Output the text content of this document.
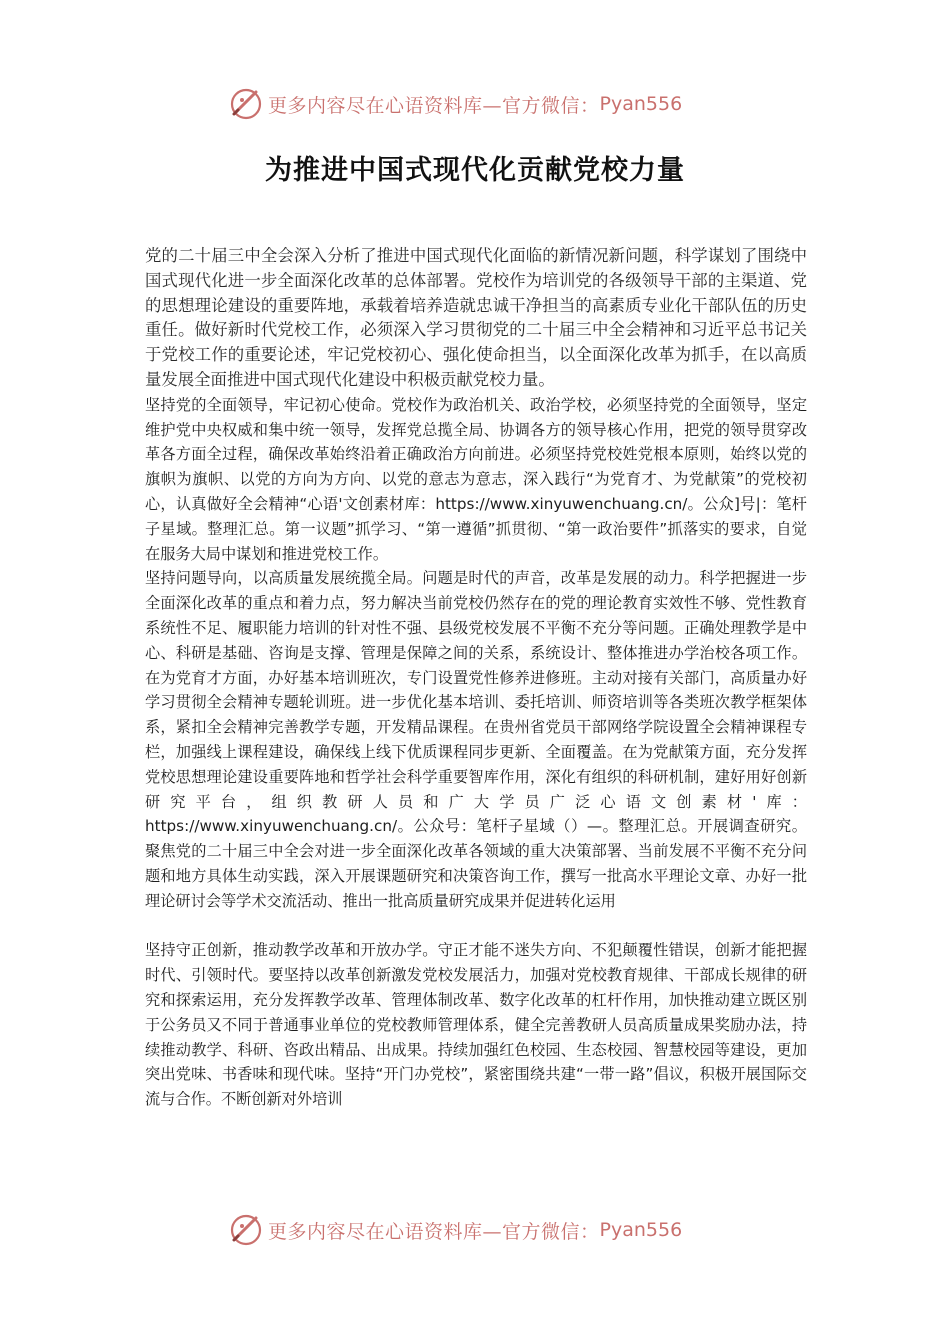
更多内容尽在心语资料库—官方微信： Pyan556
为推进中国式现代化贡献党校力量

党的二十届三中全会深入分析了推进中国式现代化面临的新情况新问题，科学谋划了围绕中国式现代化进一步全面深化改革的总体部署。党校作为培训党的各级领导干部的主渠道、党的思想理论建设的重要阵地，承载着培养造就忠诚干净担当的高素质专业化干部队伍的历史重任。做好新时代党校工作，必须深入学习贯彻党的二十届三中全会精神和习近平总书记关于党校工作的重要论述，牢记党校初心、强化使命担当，以全面深化改革为抓手，在以高质量发展全面推进中国式现代化建设中积极贡献党校力量。

坚持党的全面领导，牢记初心使命。党校作为政治机关、政治学校，必须坚持党的全面领导，坚定维护党中央权威和集中统一领导，发挥党总揽全局、协调各方的领导核心作用，把党的领导贯穿改革各方面全过程，确保改革始终沿着正确政治方向前进。必须坚持党校姓党根本原则，始终以党的旗帜为旗帜、以党的方向为方向、以党的意志为意志，深入践行“为党育才、为党献策”的党校初心，认真做好全会精神“心语'文创素材库：https://www.xinyuwenchuang.cn/。公众]号|：笔杆子星域。整理汇总。第一议题”抓学习、“第一遵循”抓贯彻、“第一政治要件”抓落实的要求，自觉在服务大局中谋划和推进党校工作。

坚持问题导向，以高质量发展统揽全局。问题是时代的声音，改革是发展的动力。科学把握进一步全面深化改革的重点和着力点，努力解决当前党校仍然存在的党的理论教育实效性不够、党性教育系统性不足、履职能力培训的针对性不强、县级党校发展不平衡不充分等问题。正确处理教学是中心、科研是基础、咨询是支撑、管理是保障之间的关系，系统设计、整体推进办学治校各项工作。在为党育才方面，办好基本培训班次，专门设置党性修养进修班。主动对接有关部门，高质量办好学习贯彻全会精神专题轮训班。进一步优化基本培训、委托培训、师资培训等各类班次教学框架体系，紧扣全会精神完善教学专题，开发精品课程。在贵州省党员干部网络学院设置全会精神课程专栏，加强线上课程建设，确保线上线下优质课程同步更新、全面覆盖。在为党献策方面，充分发挥党校思想理论建设重要阵地和哲学社会科学重要智库作用，深化有组织的科研机制，建好用好创新研究平台，组织教研人员和广大学员广泛心语文创素材'库：https://www.xinyuwenchuang.cn/。公众号：笔杆子星域（）—。整理汇总。开展调查研究。聚焦党的二十届三中全会对进一步全面深化改革各领域的重大决策部署、当前发展不平衡不充分问题和地方具体生动实践，深入开展课题研究和决策咨询工作，撰写一批高水平理论文章、办好一批理论研讨会等学术交流活动、推出一批高质量研究成果并促进转化运用

坚持守正创新，推动教学改革和开放办学。守正才能不迷失方向、不犯颠覆性错误，创新才能把握时代、引领时代。要坚持以改革创新激发党校发展活力，加强对党校教育规律、干部成长规律的研究和探索运用，充分发挥教学改革、管理体制改革、数字化改革的杠杆作用，加快推动建立既区别于公务员又不同于普通事业单位的党校教师管理体系，健全完善教研人员高质量成果奖励办法，持续推动教学、科研、咨政出精品、出成果。持续加强红色校园、生态校园、智慧校园等建设，更加突出党味、书香味和现代味。坚持“开门办党校”，紧密围绕共建“一带一路”倡议，积极开展国际交流与合作。不断创新对外培训

更多内容尽在心语资料库—官方微信： Pyan556
